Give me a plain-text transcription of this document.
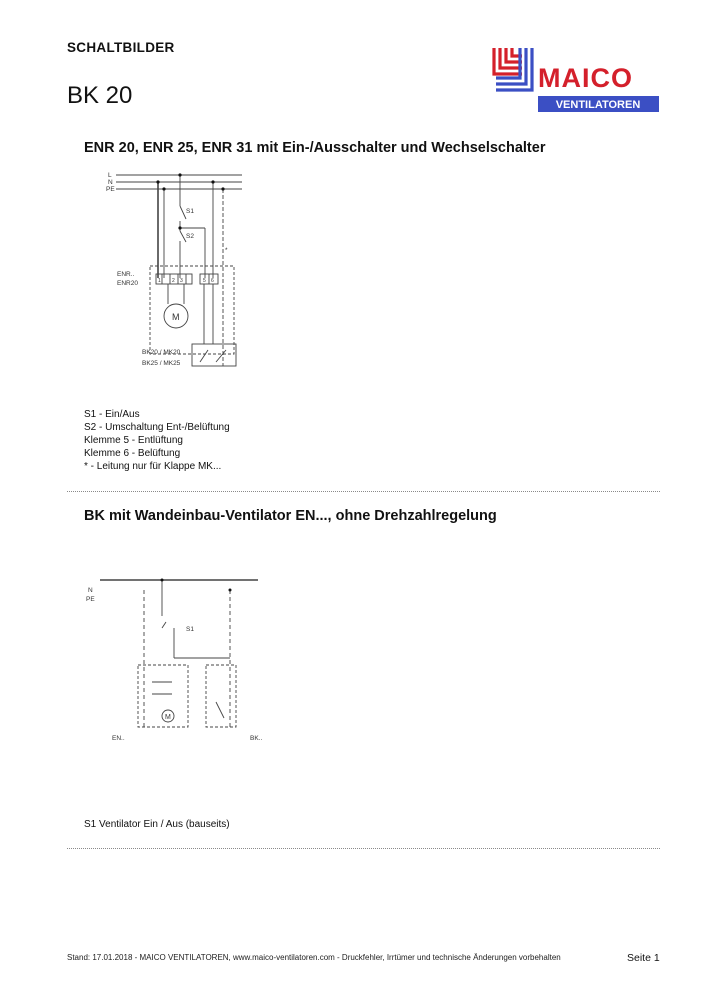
SCHALTBILDER
BK 20
MAICO
VENTILATOREN
ENR 20, ENR 25, ENR 31 mit Ein-/Ausschalter und Wechselschalter
L
N
PE
S1
S2
ENR..
ENR20	1 2 3	5 6
M
*
BK20 / MK20
BK25 / MK25
S1 - Ein/Aus
S2 - Umschaltung Ent-/Belüftung
Klemme 5 - Entlüftung
Klemme 6 - Belüftung
* - Leitung nur für Klappe MK...
BK mit Wandeinbau-Ventilator EN..., ohne Drehzahlregelung
N
PE
S1
M
EN..	BK..
S1 Ventilator Ein / Aus (bauseits)
Stand: 17.01.2018 - MAICO VENTILATOREN, www.maico-ventilatoren.com - Druckfehler, Irrtümer und technische Änderungen vorbehalten	Seite 1
